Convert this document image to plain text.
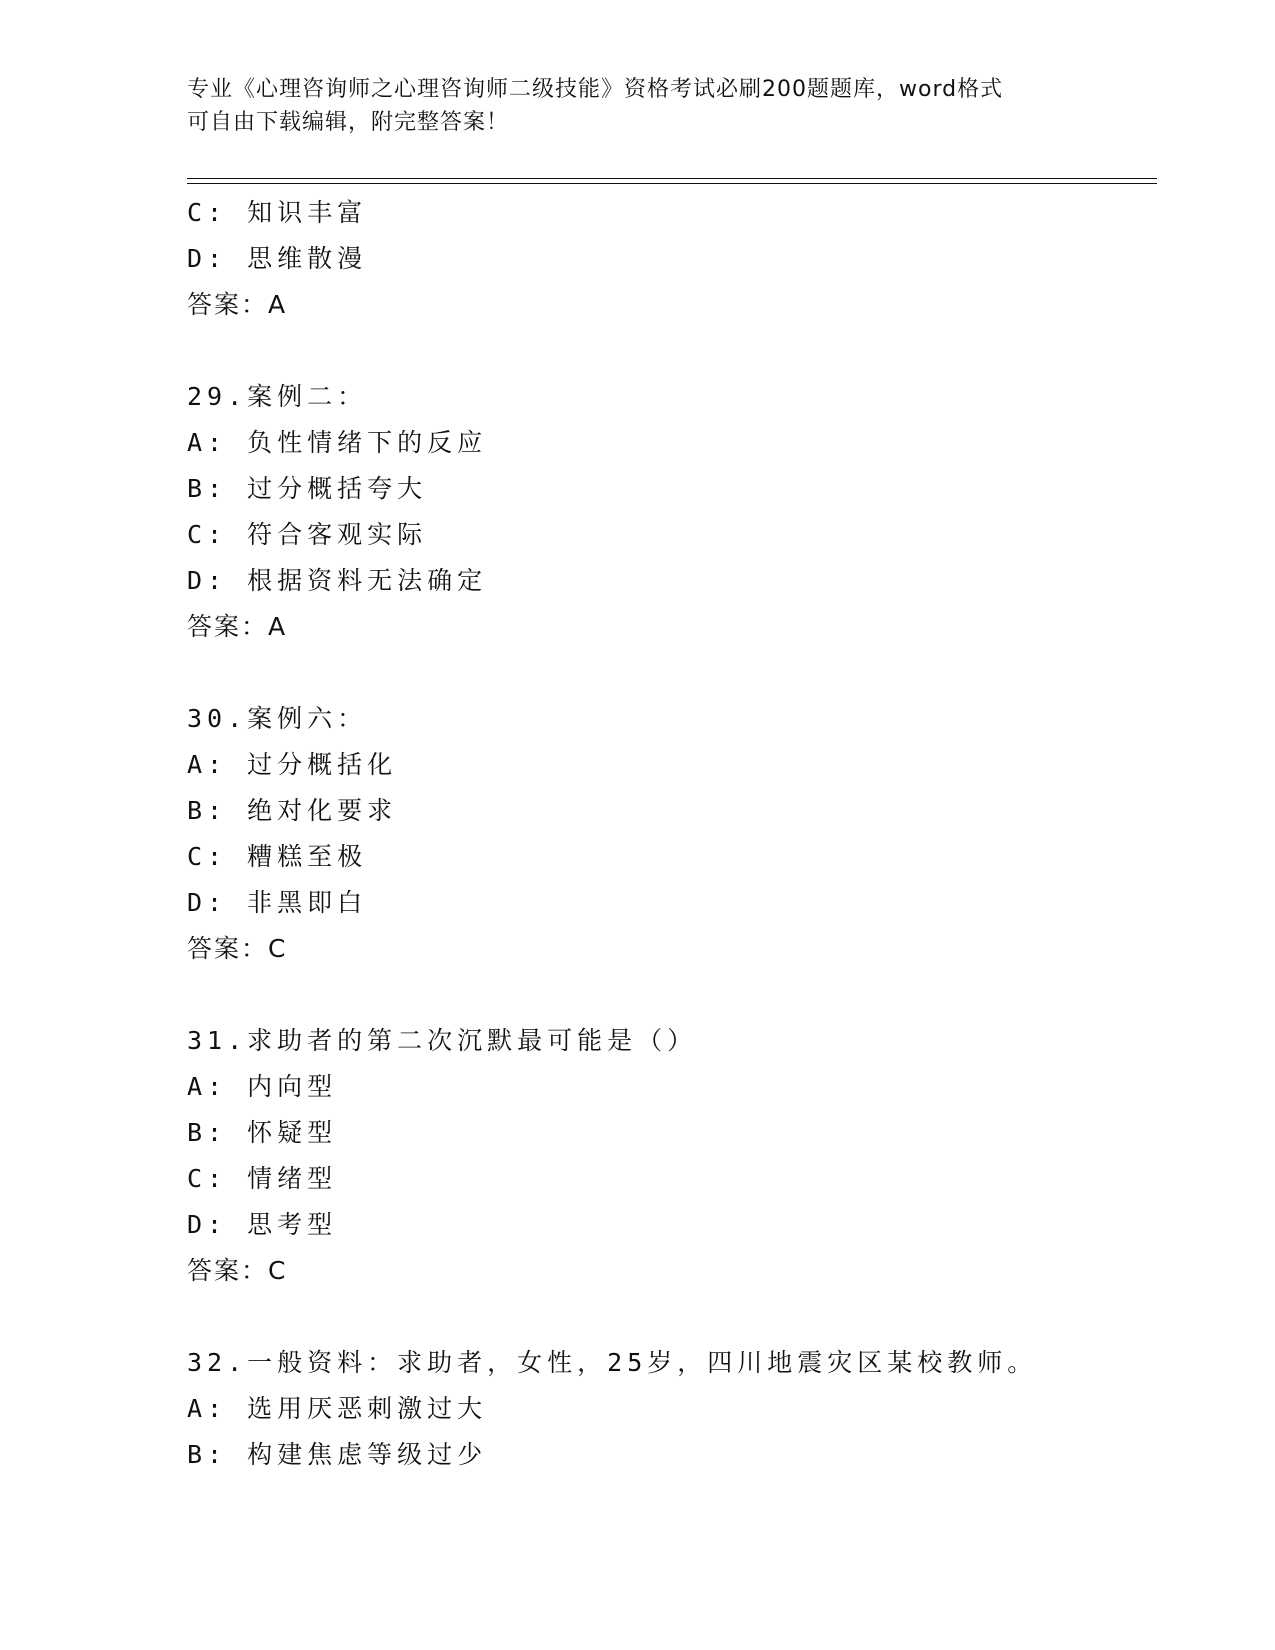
专业《心理咨询师之心理咨询师二级技能》资格考试必刷200题题库，word格式
可自由下载编辑，附完整答案！
C: 知识丰富
D: 思维散漫
答案：A
29.案例二：
A: 负性情绪下的反应
B: 过分概括夸大
C: 符合客观实际
D: 根据资料无法确定
答案：A
30.案例六：
A: 过分概括化
B: 绝对化要求
C: 糟糕至极
D: 非黑即白
答案：C
31.求助者的第二次沉默最可能是（）
A: 内向型
B: 怀疑型
C: 情绪型
D: 思考型
答案：C
32.一般资料：求助者，女性，25岁，四川地震灾区某校教师。
A: 选用厌恶刺激过大
B: 构建焦虑等级过少
